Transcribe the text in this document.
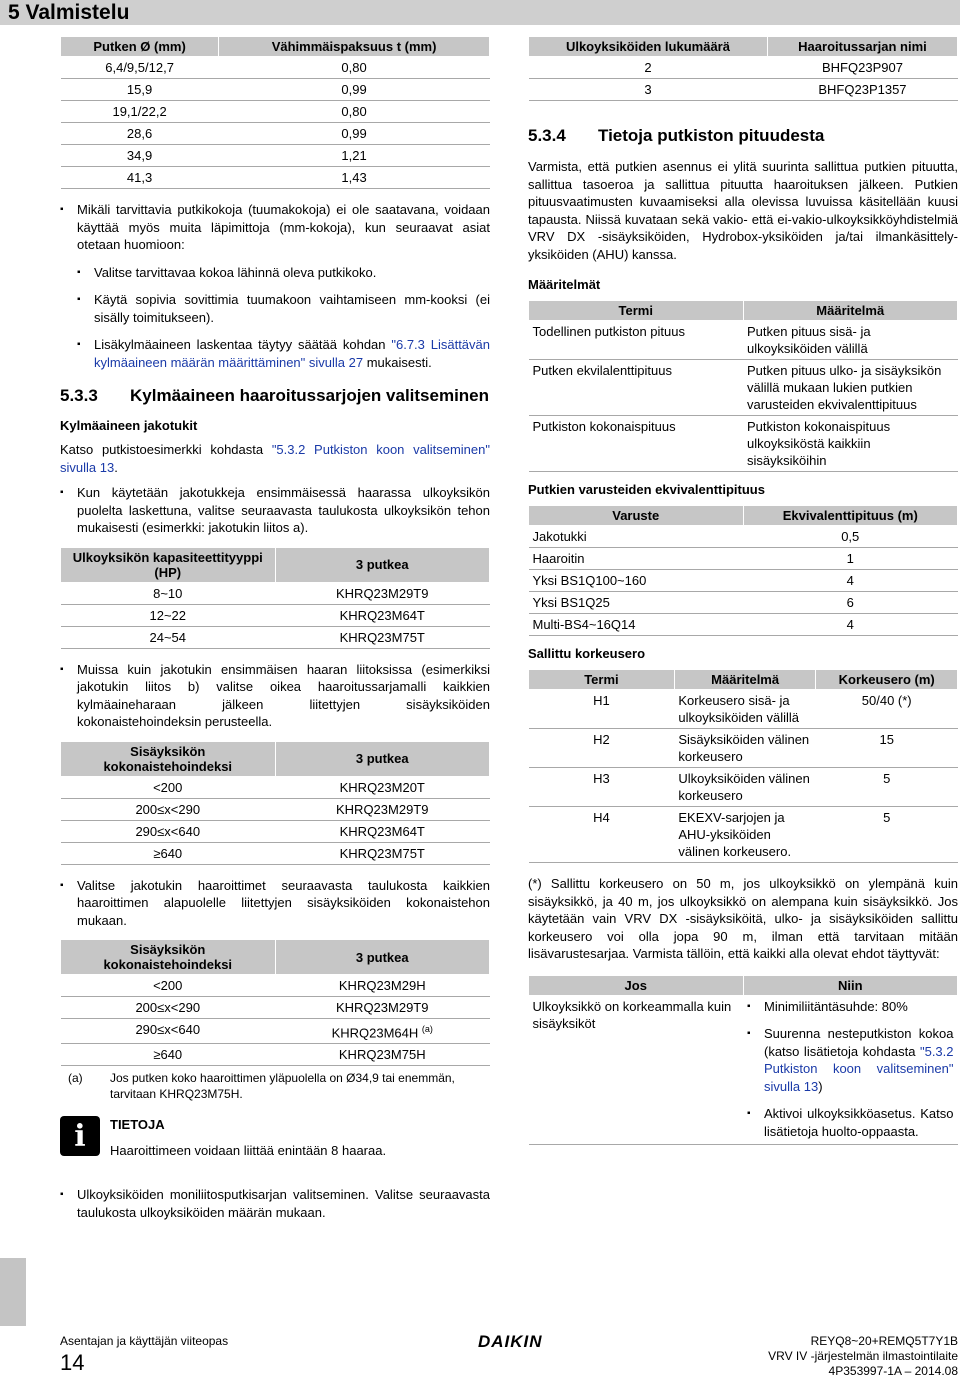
5 Valmistelu
Putken Ø (mm)	Vähimmäispaksuus t (mm)
6,4/9,5/12,7	0,80
15,9	0,99
19,1/22,2	0,80
28,6	0,99
34,9	1,21
41,3	1,43
▪ Mikäli tarvittavia putkikokoja (tuumakokoja) ei ole saatavana, voidaan käyttää myös muita läpimittoja (mm-kokoja), kun seuraavat asiat otetaan huomioon:
▪ Valitse tarvittavaa kokoa lähinnä oleva putkikoko.
▪ Käytä sopivia sovittimia tuumakoon vaihtamiseen mm-kooksi (ei sisälly toimitukseen).
▪ Lisäkylmäaineen laskentaa täytyy säätää kohdan "6.7.3 Lisättävän kylmäaineen määrän määrittäminen" sivulla 27 mukaisesti.
5.3.3	Kylmäaineen haaroitussarjojen valitseminen
Kylmäaineen jakotukit

Katso putkistoesimerkki kohdasta "5.3.2 Putkiston koon valitseminen" sivulla 13.

▪ Kun käytetään jakotukkeja ensimmäisessä haarassa ulkoyksikön puolelta laskettuna, valitse seuraavasta taulukosta ulkoyksikön tehon mukaisesti (esimerkki: jakotukin liitos a).
Ulkoyksikön kapasiteettityyppi (HP)	3 putkea
8~10	KHRQ23M29T9
12~22	KHRQ23M64T
24~54	KHRQ23M75T
▪ Muissa kuin jakotukin ensimmäisen haaran liitoksissa (esimerkiksi jakotukin liitos b) valitse oikea haaroitussarjamalli kaikkien kylmäaineharaan jälkeen liitettyjen sisäyksiköiden kokonaistehoindeksin perusteella.
Sisäyksikön kokonaistehoindeksi	3 putkea
<200	KHRQ23M20T
200≤x<290	KHRQ23M29T9
290≤x<640	KHRQ23M64T
≥640	KHRQ23M75T
▪ Valitse jakotukin haaroittimet seuraavasta taulukosta kaikkien haaroittimen alapuolelle liitettyjen sisäyksiköiden kokonaistehon mukaan.
Sisäyksikön kokonaistehoindeksi	3 putkea
<200	KHRQ23M29H
200≤x<290	KHRQ23M29T9
290≤x<640	KHRQ23M64H $^{(a)}$
≥640	KHRQ23M75H
(a)	Jos putken koko haaroittimen yläpuolella on Ø34,9 tai enemmän, tarvitaan KHRQ23M75H.
i	TIETOJA
Haaroittimeen voidaan liittää enintään 8 haaraa.
▪ Ulkoyksiköiden moniliitosputkisarjan valitseminen. Valitse seuraavasta taulukosta ulkoyksiköiden määrän mukaan.
Ulkoyksiköiden lukumäärä	Haaroitussarjan nimi
2	BHFQ23P907
3	BHFQ23P1357
5.3.4	Tietoja putkiston pituudesta

Varmista, että putkien asennus ei ylitä suurinta sallittua putkien pituutta, sallittua tasoeroa ja sallittua pituutta haaroituksen jälkeen. Putkien pituusvaatimusten kuvaamiseksi alla olevissa luvuissa käsitellään kuusi tapausta. Niissä kuvataan sekä vakio- että ei-vakio-ulkoyksikköyhdistelmiä VRV DX -sisäyksiköiden, Hydrobox-yksiköiden ja/tai ilmankäsittely-yksiköiden (AHU) kanssa.

Määritelmät
Termi	Määritelmä
Todellinen putkiston pituus	Putken pituus sisä- ja ulkoyksiköiden välillä
Putken ekvilalenttipituus	Putken pituus ulko- ja sisäyksikön välillä mukaan lukien putkien varusteiden ekvivalenttipituus
Putkiston kokonaispituus	Putkiston kokonaispituus ulkoyksiköstä kaikkiin sisäyksiköihin
Putkien varusteiden ekvivalenttipituus
Varuste	Ekvivalenttipituus (m)
Jakotukki	0,5
Haaroitin	1
Yksi BS1Q100~160	4
Yksi BS1Q25	6
Multi-BS4~16Q14	4
Sallittu korkeusero
Termi	Määritelmä	Korkeusero (m)
H1	Korkeusero sisä- ja ulkoyksiköiden välillä	50/40 (*)
H2	Sisäyksiköiden välinen korkeusero	15
H3	Ulkoyksiköiden välinen korkeusero	5
H4	EKEXV-sarjojen ja AHU-yksiköiden välinen korkeusero.	5

(*) Sallittu korkeusero on 50 m, jos ulkoyksikkö on ylempänä kuin sisäyksikkö, ja 40 m, jos ulkoyksikkö on alempana kuin sisäyksikkö. Jos käytetään vain VRV DX -sisäyksiköitä, ulko- ja sisäyksiköiden sallittu korkeusero voi olla jopa 90 m, ilman että tarvitaan mitään lisävarustesarjaa. Varmista tällöin, että kaikki alla olevat ehdot täyttyvät:

Jos	Niin
Ulkoyksikkö on korkeammalla kuin sisäyksiköt	▪ Minimiliitäntäsuhde: 80%
▪ Suurenna nesteputkiston kokoa (katso lisätietoja kohdasta "5.3.2 Putkiston koon valitseminen" sivulla 13)
▪ Aktivoi ulkoyksikköasetus. Katso lisätietoja huolto-oppaasta.
Asentajan ja käyttäjän viiteopas
14
DAIKIN	REYQ8~20+REMQ5T7Y1B
VRV IV -järjestelmän ilmastointilaite
4P353997-1A – 2014.08
